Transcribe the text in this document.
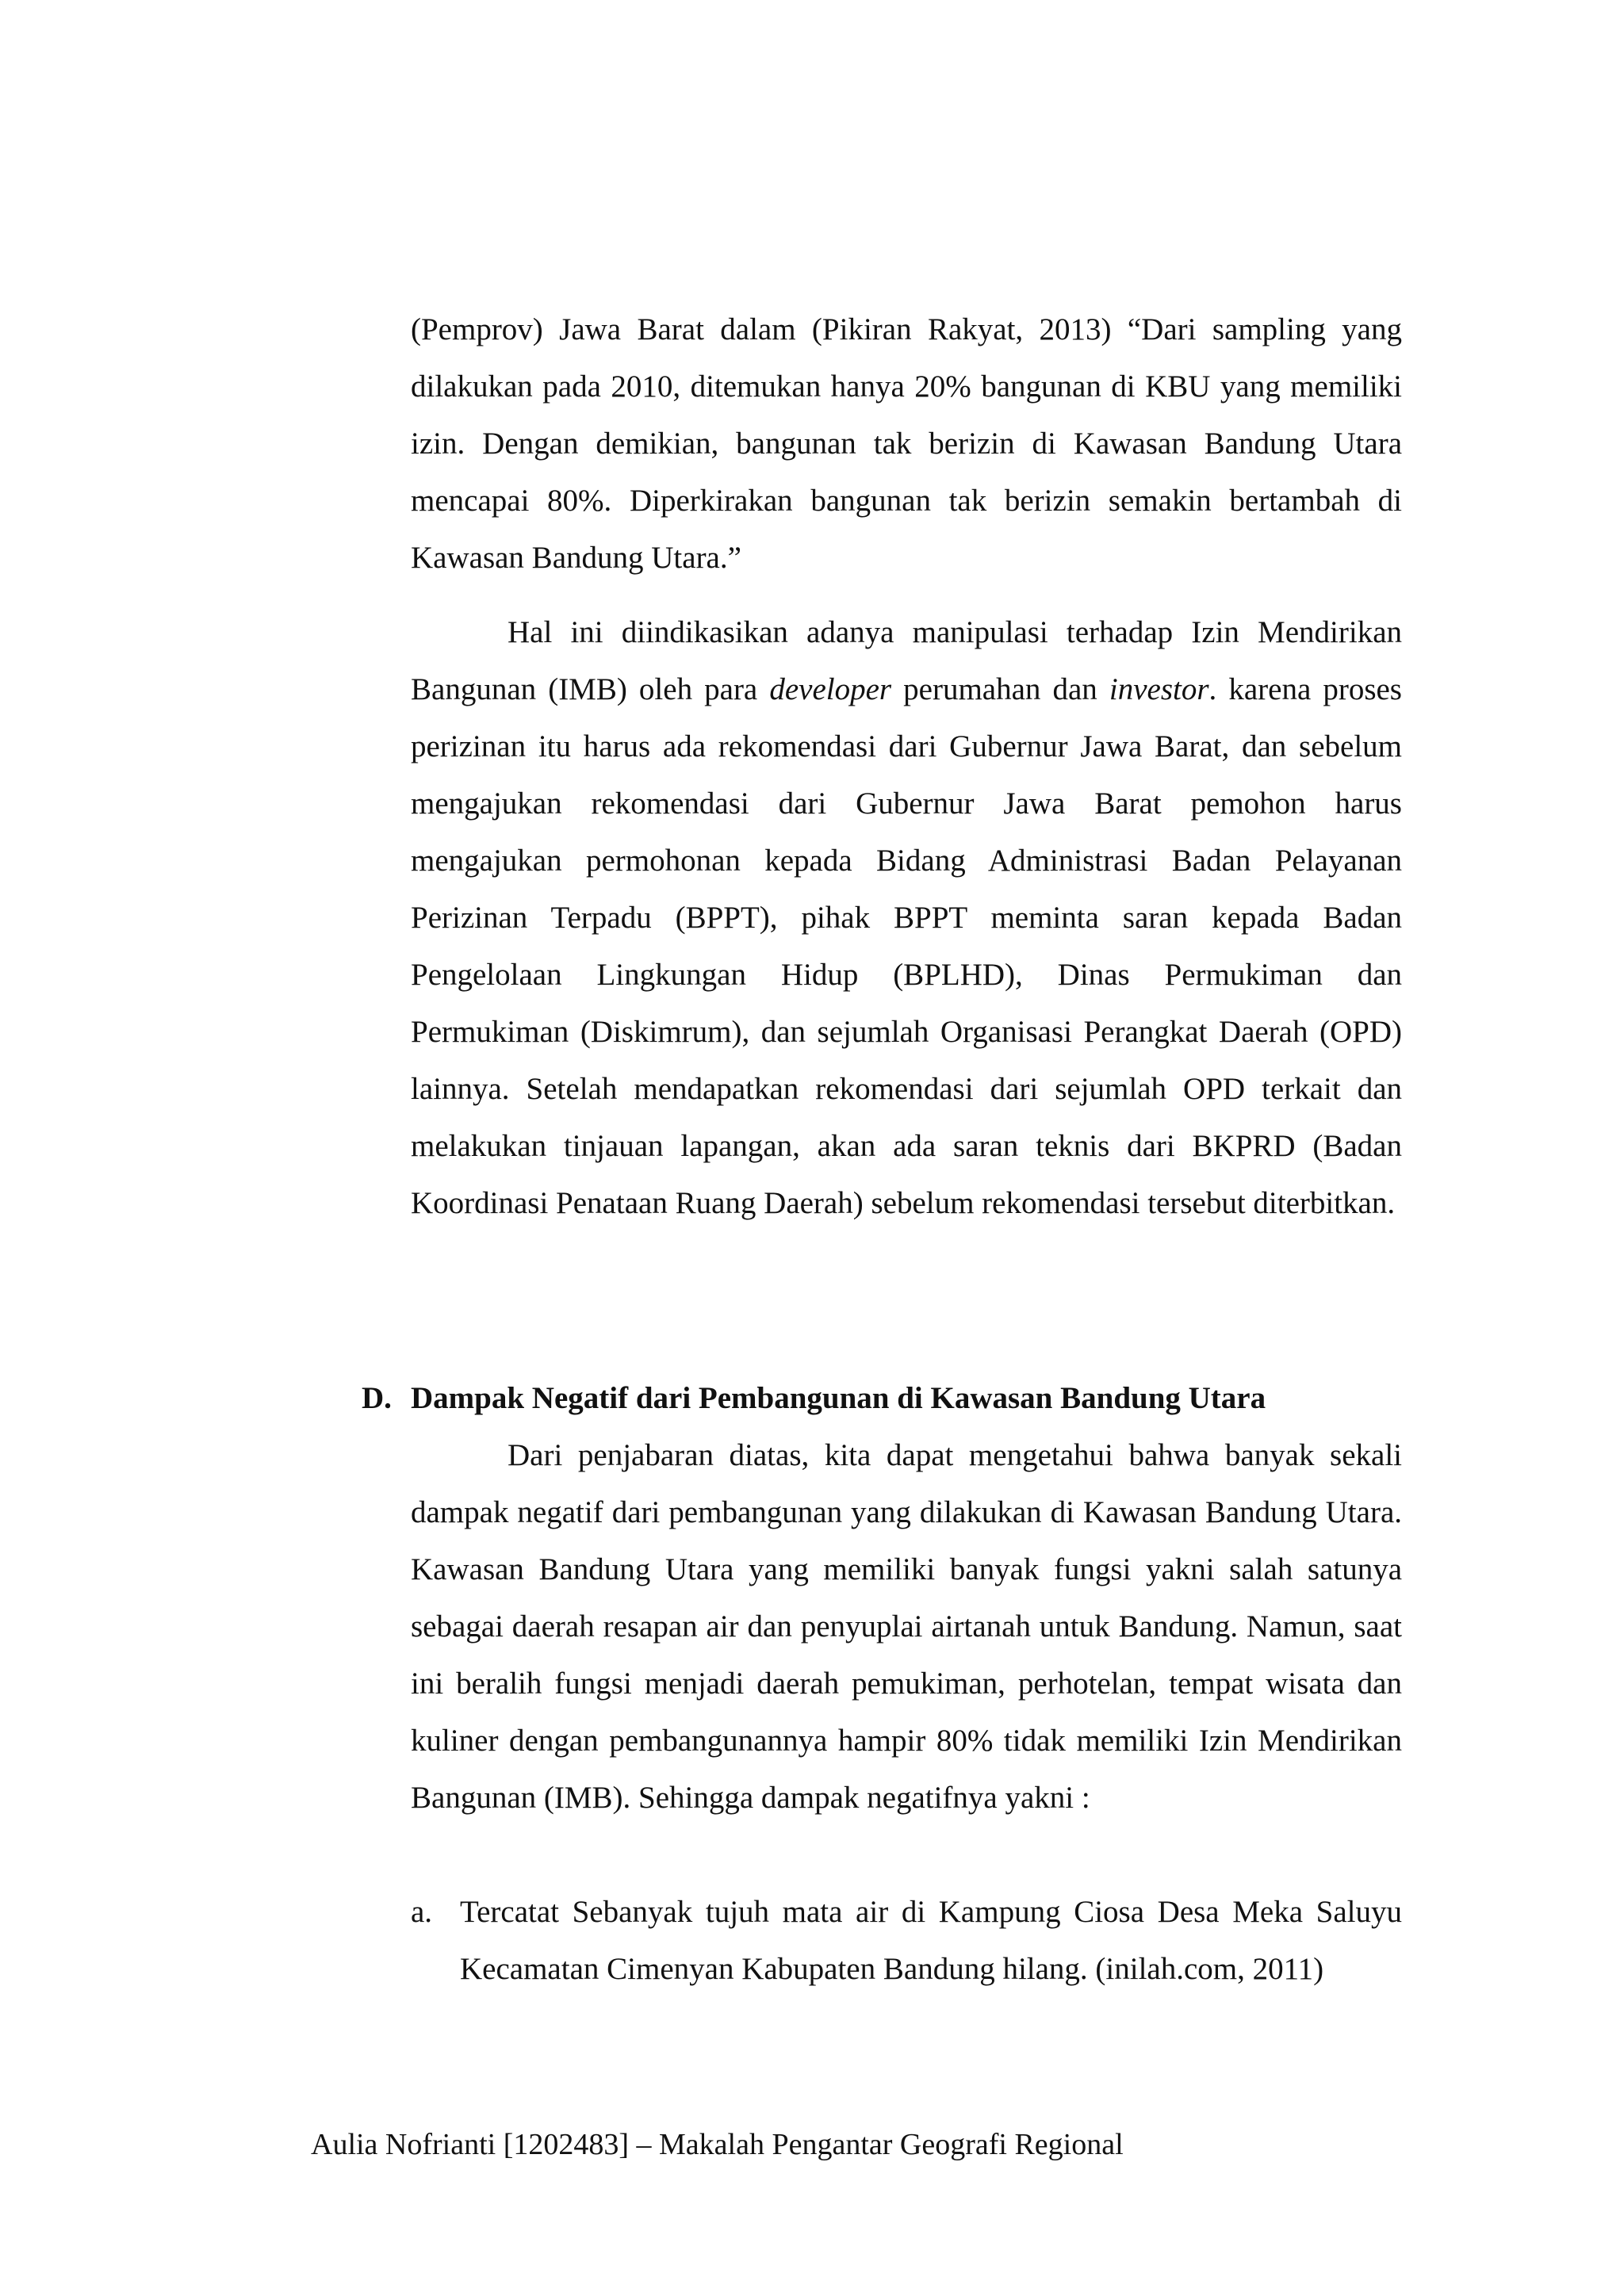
(Pemprov) Jawa Barat dalam (Pikiran Rakyat, 2013) “Dari sampling yang dilakukan pada 2010, ditemukan hanya 20% bangunan di KBU yang memiliki izin. Dengan demikian, bangunan tak berizin di Kawasan Bandung Utara mencapai 80%. Diperkirakan bangunan tak berizin semakin bertambah di Kawasan Bandung Utara.”

Hal ini diindikasikan adanya manipulasi terhadap Izin Mendirikan Bangunan (IMB) oleh para developer perumahan dan investor. karena proses perizinan itu harus ada rekomendasi dari Gubernur Jawa Barat, dan sebelum mengajukan rekomendasi dari Gubernur Jawa Barat pemohon harus mengajukan permohonan kepada Bidang Administrasi Badan Pelayanan Perizinan Terpadu (BPPT), pihak BPPT meminta saran kepada Badan Pengelolaan Lingkungan Hidup (BPLHD), Dinas Permukiman dan Permukiman (Diskimrum), dan sejumlah Organisasi Perangkat Daerah (OPD) lainnya. Setelah mendapatkan rekomendasi dari sejumlah OPD terkait dan melakukan tinjauan lapangan, akan ada saran teknis dari BKPRD (Badan Koordinasi Penataan Ruang Daerah) sebelum rekomendasi tersebut diterbitkan.

D. Dampak Negatif dari Pembangunan di Kawasan Bandung Utara

Dari penjabaran diatas, kita dapat mengetahui bahwa banyak sekali dampak negatif dari pembangunan yang dilakukan di Kawasan Bandung Utara. Kawasan Bandung Utara yang memiliki banyak fungsi yakni salah satunya sebagai daerah resapan air dan penyuplai airtanah untuk Bandung. Namun, saat ini beralih fungsi menjadi daerah pemukiman, perhotelan, tempat wisata dan kuliner dengan pembangunannya hampir 80% tidak memiliki Izin Mendirikan Bangunan (IMB). Sehingga dampak negatifnya yakni :

a. Tercatat Sebanyak tujuh mata air di Kampung Ciosa Desa Meka Saluyu Kecamatan Cimenyan Kabupaten Bandung hilang. (inilah.com, 2011)
Aulia Nofrianti [1202483] – Makalah Pengantar Geografi Regional
